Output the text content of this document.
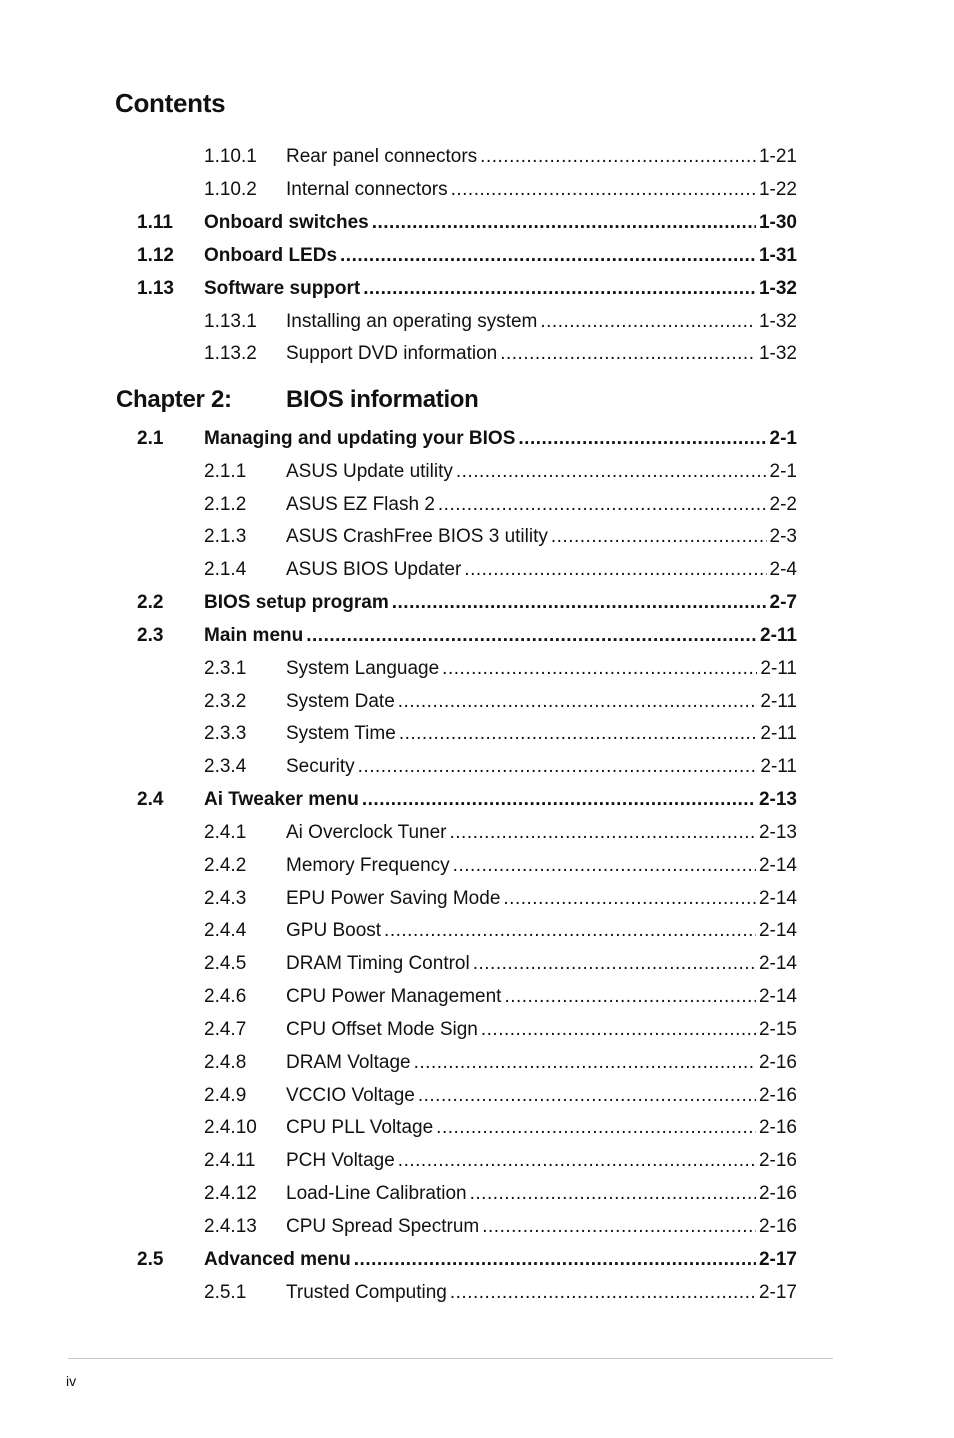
Contents
1.10.1 Rear panel connectors .....	1-21
1.10.2 Internal connectors .....	1-22
1.11 Onboard switches .....	1-30
1.12 Onboard LEDs .....	1-31
1.13 Software support .....	1-32
1.13.1 Installing an operating system .....	1-32
1.13.2 Support DVD information .....	1-32
Chapter 2: BIOS information
2.1 Managing and updating your BIOS .....	2-1
2.1.1 ASUS Update utility .....	2-1
2.1.2 ASUS EZ Flash 2 .....	2-2
2.1.3 ASUS CrashFree BIOS 3 utility .....	2-3
2.1.4 ASUS BIOS Updater .....	2-4
2.2 BIOS setup program .....	2-7
2.3 Main menu .....	2-11
2.3.1 System Language .....	2-11
2.3.2 System Date .....	2-11
2.3.3 System Time .....	2-11
2.3.4 Security .....	2-11
2.4 Ai Tweaker menu .....	2-13
2.4.1 Ai Overclock Tuner .....	2-13
2.4.2 Memory Frequency .....	2-14
2.4.3 EPU Power Saving Mode .....	2-14
2.4.4 GPU Boost .....	2-14
2.4.5 DRAM Timing Control .....	2-14
2.4.6 CPU Power Management .....	2-14
2.4.7 CPU Offset Mode Sign .....	2-15
2.4.8 DRAM Voltage .....	2-16
2.4.9 VCCIO Voltage .....	2-16
2.4.10 CPU PLL Voltage .....	2-16
2.4.11 PCH Voltage .....	2-16
2.4.12 Load-Line Calibration .....	2-16
2.4.13 CPU Spread Spectrum .....	2-16
2.5 Advanced menu .....	2-17
2.5.1 Trusted Computing .....	2-17
iv
